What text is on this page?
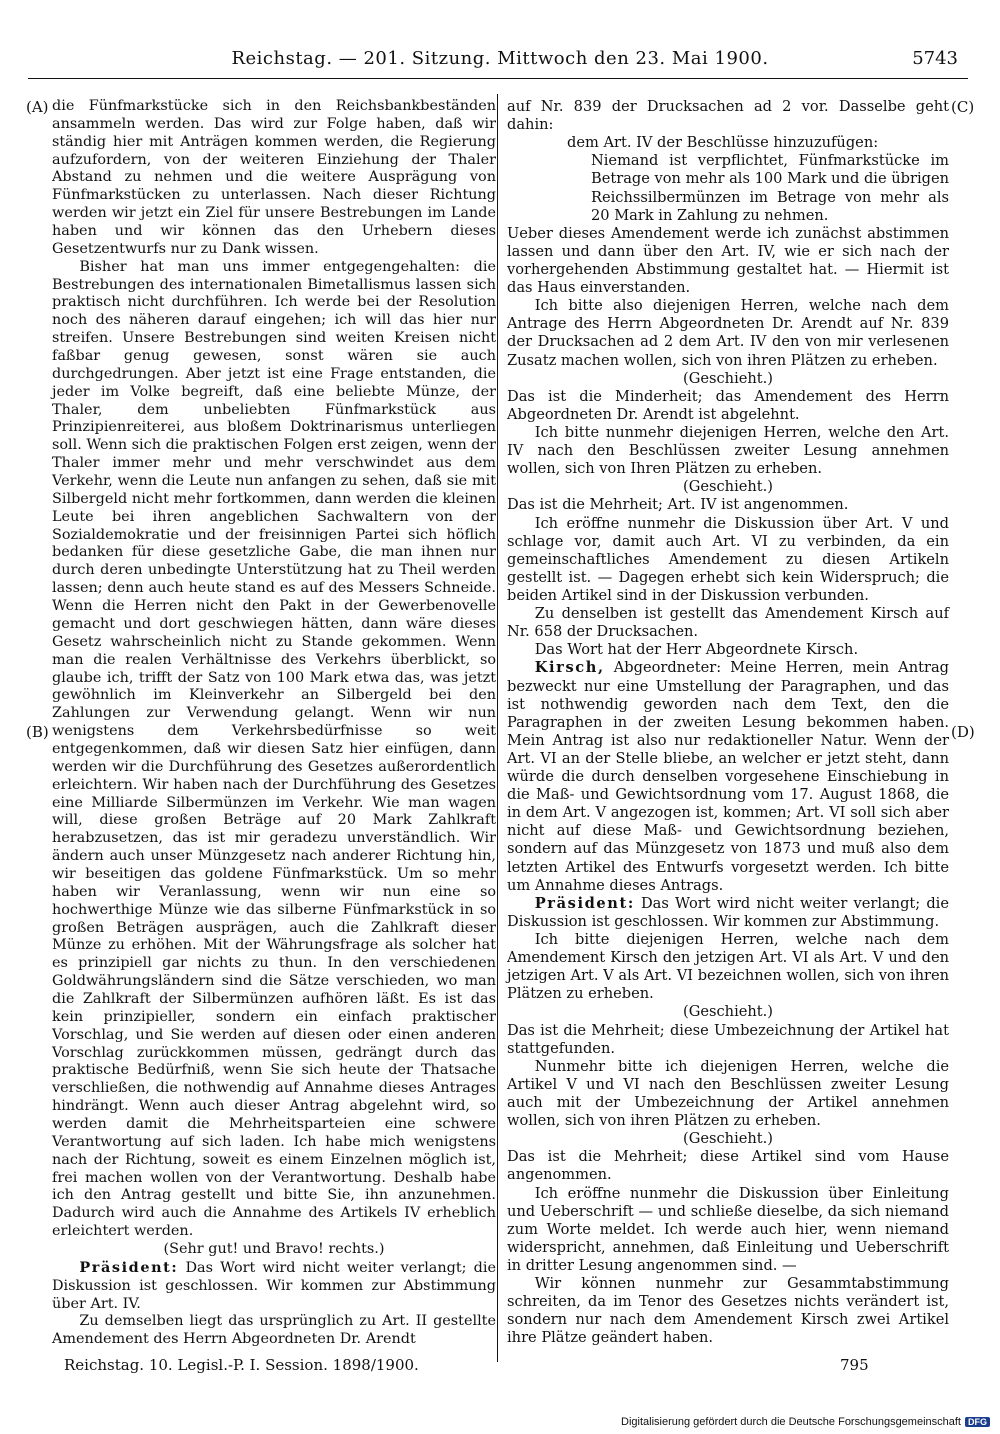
Reichstag. — 201. Sitzung. Mittwoch den 23. Mai 1900.	5743
(A)
(B)
(C)
(D)

die Fünfmarkstücke sich in den Reichsbankbeständen ansammeln werden. Das wird zur Folge haben, daß wir ständig hier mit Anträgen kommen werden, die Regierung aufzufordern, von der weiteren Einziehung der Thaler Abstand zu nehmen und die weitere Ausprägung von Fünfmarkstücken zu unterlassen. Nach dieser Richtung werden wir jetzt ein Ziel für unsere Bestrebungen im Lande haben und wir können das den Urhebern dieses Gesetzentwurfs nur zu Dank wissen.

Bisher hat man uns immer entgegengehalten: die Bestrebungen des internationalen Bimetallismus lassen sich praktisch nicht durchführen. Ich werde bei der Resolution noch des näheren darauf eingehen; ich will das hier nur streifen. Unsere Bestrebungen sind weiten Kreisen nicht faßbar genug gewesen, sonst wären sie auch durchgedrungen. Aber jetzt ist eine Frage entstanden, die jeder im Volke begreift, daß eine beliebte Münze, der Thaler, dem unbeliebten Fünfmarkstück aus Prinzipienreiterei, aus bloßem Doktrinarismus unterliegen soll. Wenn sich die praktischen Folgen erst zeigen, wenn der Thaler immer mehr und mehr verschwindet aus dem Verkehr, wenn die Leute nun anfangen zu sehen, daß sie mit Silbergeld nicht mehr fortkommen, dann werden die kleinen Leute bei ihren angeblichen Sachwaltern von der Sozialdemokratie und der freisinnigen Partei sich höflich bedanken für diese gesetzliche Gabe, die man ihnen nur durch deren unbedingte Unterstützung hat zu Theil werden lassen; denn auch heute stand es auf des Messers Schneide. Wenn die Herren nicht den Pakt in der Gewerbenovelle gemacht und dort geschwiegen hätten, dann wäre dieses Gesetz wahrscheinlich nicht zu Stande gekommen. Wenn man die realen Verhältnisse des Verkehrs überblickt, so glaube ich, trifft der Satz von 100 Mark etwa das, was jetzt gewöhnlich im Kleinverkehr an Silbergeld bei den Zahlungen zur Verwendung gelangt. Wenn wir nun wenigstens dem Verkehrsbedürfnisse so weit entgegenkommen, daß wir diesen Satz hier einfügen, dann werden wir die Durchführung des Gesetzes außerordentlich erleichtern. Wir haben nach der Durchführung des Gesetzes eine Milliarde Silbermünzen im Verkehr. Wie man wagen will, diese großen Beträge auf 20 Mark Zahlkraft herabzusetzen, das ist mir geradezu unverständlich. Wir ändern auch unser Münzgesetz nach anderer Richtung hin, wir beseitigen das goldene Fünfmarkstück. Um so mehr haben wir Veranlassung, wenn wir nun eine so hochwerthige Münze wie das silberne Fünfmarkstück in so großen Beträgen ausprägen, auch die Zahlkraft dieser Münze zu erhöhen. Mit der Währungsfrage als solcher hat es prinzipiell gar nichts zu thun. In den verschiedenen Goldwährungsländern sind die Sätze verschieden, wo man die Zahlkraft der Silbermünzen aufhören läßt. Es ist das kein prinzipieller, sondern ein einfach praktischer Vorschlag, und Sie werden auf diesen oder einen anderen Vorschlag zurückkommen müssen, gedrängt durch das praktische Bedürfniß, wenn Sie sich heute der Thatsache verschließen, die nothwendig auf Annahme dieses Antrages hindrängt. Wenn auch dieser Antrag abgelehnt wird, so werden damit die Mehrheitsparteien eine schwere Verantwortung auf sich laden. Ich habe mich wenigstens nach der Richtung, soweit es einem Einzelnen möglich ist, frei machen wollen von der Verantwortung. Deshalb habe ich den Antrag gestellt und bitte Sie, ihn anzunehmen. Dadurch wird auch die Annahme des Artikels IV erheblich erleichtert werden.

(Sehr gut! und Bravo! rechts.)

Präsident: Das Wort wird nicht weiter verlangt; die Diskussion ist geschlossen. Wir kommen zur Abstimmung über Art. IV.

Zu demselben liegt das ursprünglich zu Art. II gestellte Amendement des Herrn Abgeordneten Dr. Arendt

auf Nr. 839 der Drucksachen ad 2 vor. Dasselbe geht dahin:

dem Art. IV der Beschlüsse hinzuzufügen:

Niemand ist verpflichtet, Fünfmarkstücke im Betrage von mehr als 100 Mark und die übrigen Reichssilbermünzen im Betrage von mehr als 20 Mark in Zahlung zu nehmen.

Ueber dieses Amendement werde ich zunächst abstimmen lassen und dann über den Art. IV, wie er sich nach der vorhergehenden Abstimmung gestaltet hat. — Hiermit ist das Haus einverstanden.

Ich bitte also diejenigen Herren, welche nach dem Antrage des Herrn Abgeordneten Dr. Arendt auf Nr. 839 der Drucksachen ad 2 dem Art. IV den von mir verlesenen Zusatz machen wollen, sich von ihren Plätzen zu erheben.

(Geschieht.)

Das ist die Minderheit; das Amendement des Herrn Abgeordneten Dr. Arendt ist abgelehnt.

Ich bitte nunmehr diejenigen Herren, welche den Art. IV nach den Beschlüssen zweiter Lesung annehmen wollen, sich von Ihren Plätzen zu erheben.

(Geschieht.)

Das ist die Mehrheit; Art. IV ist angenommen.

Ich eröffne nunmehr die Diskussion über Art. V und schlage vor, damit auch Art. VI zu verbinden, da ein gemeinschaftliches Amendement zu diesen Artikeln gestellt ist. — Dagegen erhebt sich kein Widerspruch; die beiden Artikel sind in der Diskussion verbunden.

Zu denselben ist gestellt das Amendement Kirsch auf Nr. 658 der Drucksachen.

Das Wort hat der Herr Abgeordnete Kirsch.

Kirsch, Abgeordneter: Meine Herren, mein Antrag bezweckt nur eine Umstellung der Paragraphen, und das ist nothwendig geworden nach dem Text, den die Paragraphen in der zweiten Lesung bekommen haben. Mein Antrag ist also nur redaktioneller Natur. Wenn der Art. VI an der Stelle bliebe, an welcher er jetzt steht, dann würde die durch denselben vorgesehene Einschiebung in die Maß- und Gewichtsordnung vom 17. August 1868, die in dem Art. V angezogen ist, kommen; Art. VI soll sich aber nicht auf diese Maß- und Gewichtsordnung beziehen, sondern auf das Münzgesetz von 1873 und muß also dem letzten Artikel des Entwurfs vorgesetzt werden. Ich bitte um Annahme dieses Antrags.

Präsident: Das Wort wird nicht weiter verlangt; die Diskussion ist geschlossen. Wir kommen zur Abstimmung.

Ich bitte diejenigen Herren, welche nach dem Amendement Kirsch den jetzigen Art. VI als Art. V und den jetzigen Art. V als Art. VI bezeichnen wollen, sich von ihren Plätzen zu erheben.

(Geschieht.)

Das ist die Mehrheit; diese Umbezeichnung der Artikel hat stattgefunden.

Nunmehr bitte ich diejenigen Herren, welche die Artikel V und VI nach den Beschlüssen zweiter Lesung auch mit der Umbezeichnung der Artikel annehmen wollen, sich von ihren Plätzen zu erheben.

(Geschieht.)

Das ist die Mehrheit; diese Artikel sind vom Hause angenommen.

Ich eröffne nunmehr die Diskussion über Einleitung und Ueberschrift — und schließe dieselbe, da sich niemand zum Worte meldet. Ich werde auch hier, wenn niemand widerspricht, annehmen, daß Einleitung und Ueberschrift in dritter Lesung angenommen sind. —

Wir können nunmehr zur Gesammtabstimmung schreiten, da im Tenor des Gesetzes nichts verändert ist, sondern nur nach dem Amendement Kirsch zwei Artikel ihre Plätze geändert haben.

Reichstag. 10. Legisl.-P. I. Session. 1898/1900.	795
Digitalisierung gefördert durch die Deutsche Forschungsgemeinschaft DFG
